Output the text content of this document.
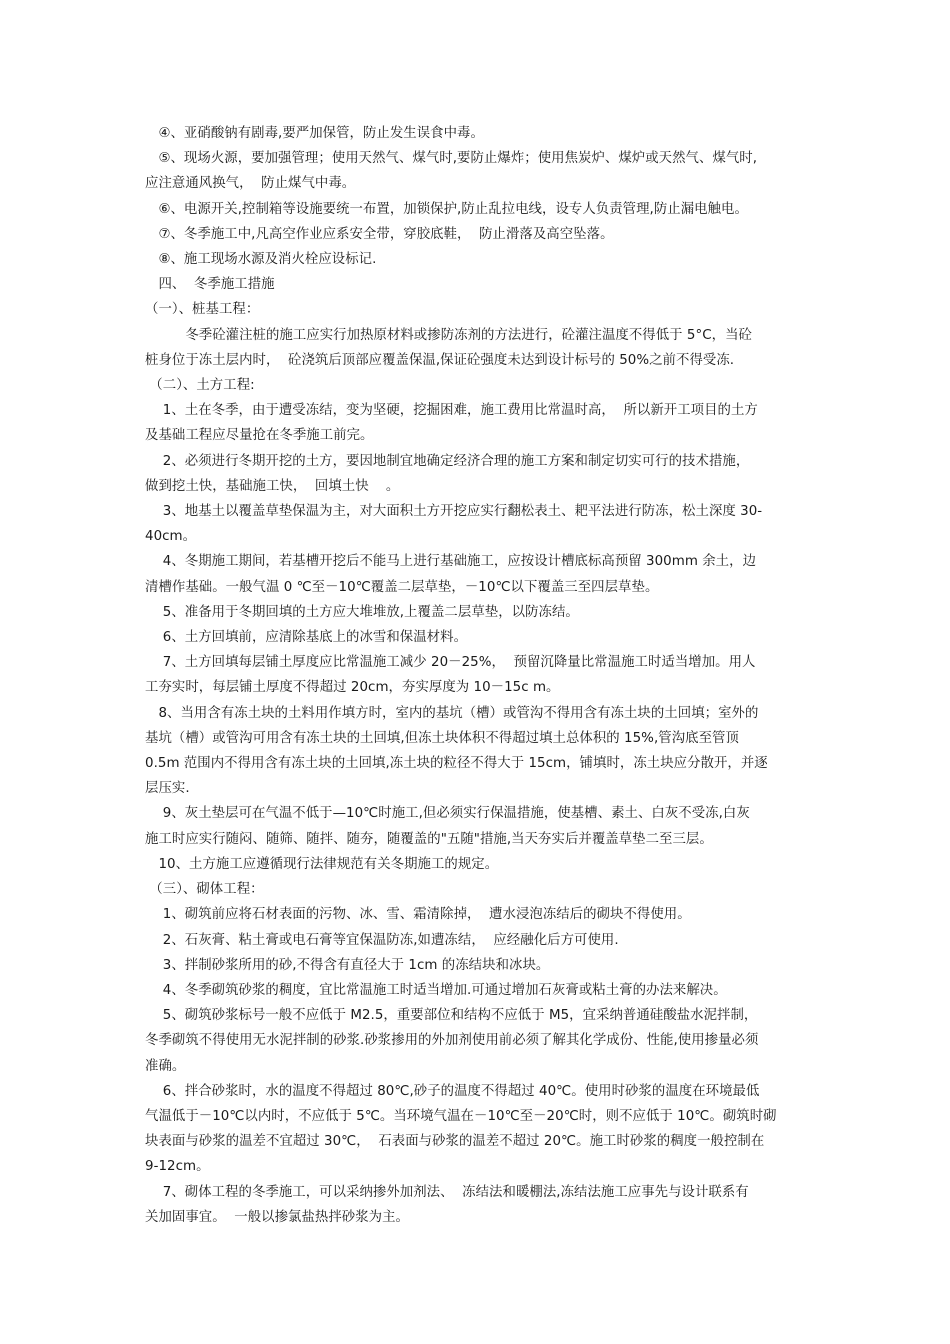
　④、亚硝酸钠有剧毒,要严加保管，防止发生误食中毒。

　⑤、现场火源，要加强管理；使用天然气、煤气时,要防止爆炸；使用焦炭炉、煤炉或天然气、煤气时,

应注意通风换气，  防止煤气中毒。

　⑥、电源开关,控制箱等设施要统一布置，加锁保护,防止乱拉电线，设专人负责管理,防止漏电触电。

　⑦、冬季施工中,凡高空作业应系安全带，穿胶底鞋，  防止滑落及高空坠落。

　⑧、施工现场水源及消火栓应设标记.

　四、  冬季施工措施

（一）、桩基工程：

　　　冬季砼灌注桩的施工应实行加热原材料或掺防冻剂的方法进行，砼灌注温度不得低于 5°C，当砼

桩身位于冻土层内时，  砼浇筑后顶部应覆盖保温,保证砼强度未达到设计标号的 50%之前不得受冻.

（二）、土方工程:

　 1、土在冬季，由于遭受冻结，变为坚硬，挖掘困难，施工费用比常温时高，  所以新开工项目的土方

及基础工程应尽量抢在冬季施工前完。

　 2、必须进行冬期开挖的土方，要因地制宜地确定经济合理的施工方案和制定切实可行的技术措施，

做到挖土快，基础施工快，  回填土快    。

　 3、地基土以覆盖草垫保温为主，对大面积土方开挖应实行翻松表土、耙平法进行防冻，松土深度 30-

40cm。

　 4、冬期施工期间，若基槽开挖后不能马上进行基础施工，应按设计槽底标高预留 300mm 余土，边

清槽作基础。一般气温 0 ℃至－10℃覆盖二层草垫，－10℃以下覆盖三至四层草垫。

　 5、准备用于冬期回填的土方应大堆堆放,上覆盖二层草垫，以防冻结。

　 6、土方回填前，应清除基底上的冰雪和保温材料。

　 7、土方回填每层铺土厚度应比常温施工减少 20－25%，  预留沉降量比常温施工时适当增加。用人

工夯实时，每层铺土厚度不得超过 20cm，夯实厚度为 10－15c m。

　8、当用含有冻土块的土料用作填方时，室内的基坑（槽）或管沟不得用含有冻土块的土回填；室外的

基坑（槽）或管沟可用含有冻土块的土回填,但冻土块体积不得超过填土总体积的 15%,管沟底至管顶

0.5m 范围内不得用含有冻土块的土回填,冻土块的粒径不得大于 15cm，铺填时，冻土块应分散开，并逐

层压实.

　 9、灰土垫层可在气温不低于—10℃时施工,但必须实行保温措施，使基槽、素土、白灰不受冻,白灰

施工时应实行随闷、随筛、随拌、随夯，随覆盖的"五随"措施,当天夯实后并覆盖草垫二至三层。

　10、土方施工应遵循现行法律规范有关冬期施工的规定。

（三）、砌体工程：

　 1、砌筑前应将石材表面的污物、冰、雪、霜清除掉，  遭水浸泡冻结后的砌块不得使用。

　 2、石灰膏、粘土膏或电石膏等宜保温防冻,如遭冻结，  应经融化后方可使用.

　 3、拌制砂浆所用的砂,不得含有直径大于 1cm 的冻结块和冰块。

　 4、冬季砌筑砂浆的稠度，宜比常温施工时适当增加.可通过增加石灰膏或粘土膏的办法来解决。

　 5、砌筑砂浆标号一般不应低于 M2.5，重要部位和结构不应低于 M5，宜采纳普通硅酸盐水泥拌制，

冬季砌筑不得使用无水泥拌制的砂浆.砂浆掺用的外加剂使用前必须了解其化学成份、性能,使用掺量必须

准确。

　 6、拌合砂浆时，水的温度不得超过 80℃,砂子的温度不得超过 40℃。使用时砂浆的温度在环境最低

气温低于－10℃以内时，不应低于 5℃。当环境气温在－10℃至－20℃时，则不应低于 10℃。砌筑时砌

块表面与砂浆的温差不宜超过 30℃，  石表面与砂浆的温差不超过 20℃。施工时砂浆的稠度一般控制在

9-12cm。

　 7、砌体工程的冬季施工，可以采纳掺外加剂法、  冻结法和暖棚法,冻结法施工应事先与设计联系有

关加固事宜。  一般以掺氯盐热拌砂浆为主。
